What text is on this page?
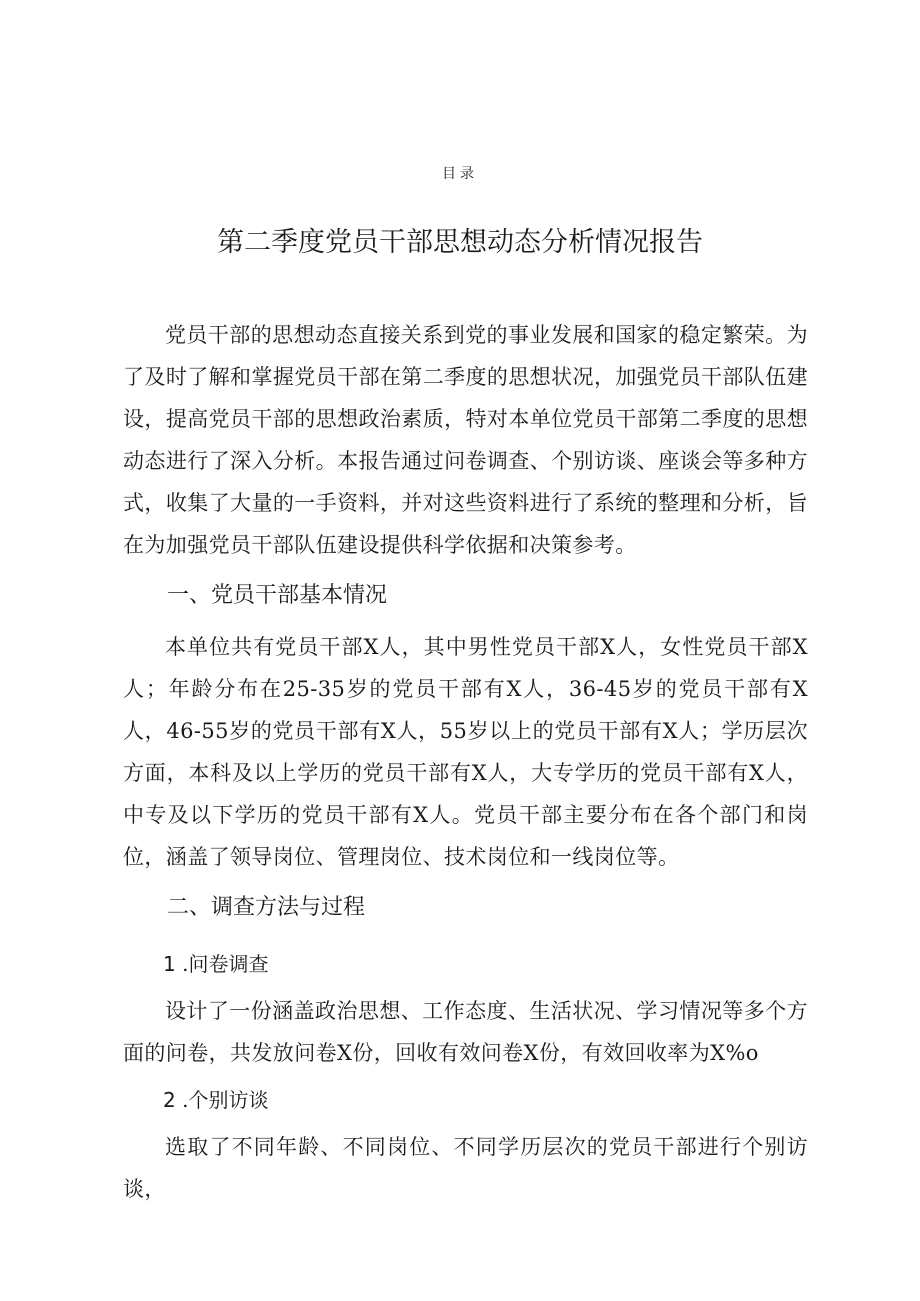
目录
第二季度党员干部思想动态分析情况报告

党员干部的思想动态直接关系到党的事业发展和国家的稳定繁荣。为了及时了解和掌握党员干部在第二季度的思想状况，加强党员干部队伍建设，提高党员干部的思想政治素质，特对本单位党员干部第二季度的思想动态进行了深入分析。本报告通过问卷调查、个别访谈、座谈会等多种方式，收集了大量的一手资料，并对这些资料进行了系统的整理和分析，旨在为加强党员干部队伍建设提供科学依据和决策参考。

一、党员干部基本情况

本单位共有党员干部X人，其中男性党员干部X人，女性党员干部X人；年龄分布在25-35岁的党员干部有X人，36-45岁的党员干部有X人，46-55岁的党员干部有X人，55岁以上的党员干部有X人；学历层次方面，本科及以上学历的党员干部有X人，大专学历的党员干部有X人，中专及以下学历的党员干部有X人。党员干部主要分布在各个部门和岗位，涵盖了领导岗位、管理岗位、技术岗位和一线岗位等。

二、调查方法与过程

1 .问卷调查

设计了一份涵盖政治思想、工作态度、生活状况、学习情况等多个方面的问卷，共发放问卷X份，回收有效问卷X份，有效回收率为X%o

2 .个别访谈

选取了不同年龄、不同岗位、不同学历层次的党员干部进行个别访谈，
